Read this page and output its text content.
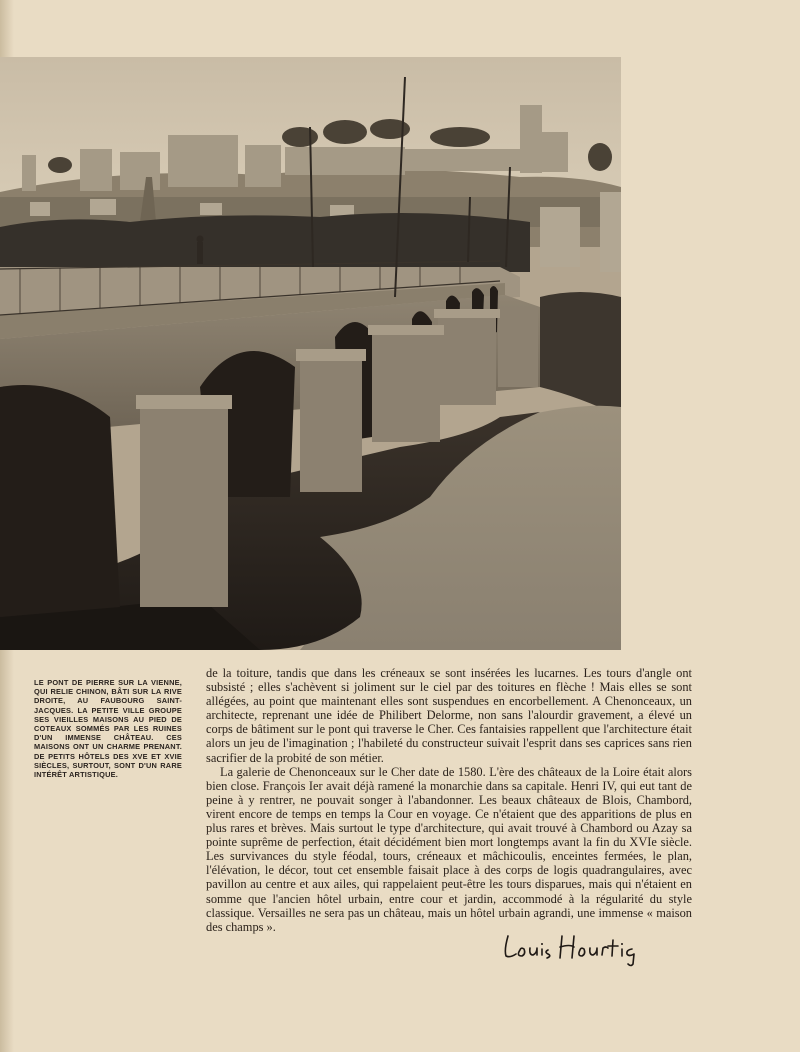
LE PONT DE PIERRE SUR LA VIENNE, QUI RELIE CHINON, BÂTI SUR LA RIVE DROITE, AU FAUBOURG SAINT-JACQUES. LA PETITE VILLE GROUPE SES VIEILLES MAISONS AU PIED DE COTEAUX SOMMÉS PAR LES RUINES D'UN IMMENSE CHÂTEAU. CES MAISONS ONT UN CHARME PRENANT. DE PETITS HÔTELS DES XVE ET XVIE SIÈCLES, SURTOUT, SONT D'UN RARE INTÉRÊT ARTISTIQUE.

de la toiture, tandis que dans les créneaux se sont insérées les lucarnes. Les tours d'angle ont subsisté ; elles s'achèvent si joliment sur le ciel par des toitures en flèche ! Mais elles se sont allégées, au point que maintenant elles sont suspendues en encorbellement. A Chenonceaux, un architecte, reprenant une idée de Philibert Delorme, non sans l'alourdir gravement, a élevé un corps de bâtiment sur le pont qui traverse le Cher. Ces fantaisies rappellent que l'architecture était alors un jeu de l'imagination ; l'habileté du constructeur suivait l'esprit dans ses caprices sans rien sacrifier de la probité de son métier.

La galerie de Chenonceaux sur le Cher date de 1580. L'ère des châteaux de la Loire était alors bien close. François Ier avait déjà ramené la monarchie dans sa capitale. Henri IV, qui eut tant de peine à y rentrer, ne pouvait songer à l'abandonner. Les beaux châteaux de Blois, Chambord, virent encore de temps en temps la Cour en voyage. Ce n'étaient que des apparitions de plus en plus rares et brèves. Mais surtout le type d'architecture, qui avait trouvé à Chambord ou Azay sa pointe suprême de perfection, était décidément bien mort longtemps avant la fin du XVIe siècle. Les survivances du style féodal, tours, créneaux et mâchicoulis, enceintes fermées, le plan, l'élévation, le décor, tout cet ensemble faisait place à des corps de logis quadrangulaires, avec pavillon au centre et aux ailes, qui rappelaient peut-être les tours disparues, mais qui n'étaient en somme que l'ancien hôtel urbain, entre cour et jardin, accommodé à la régularité du style classique. Versailles ne sera pas un château, mais un hôtel urbain agrandi, une immense « maison des champs ».
